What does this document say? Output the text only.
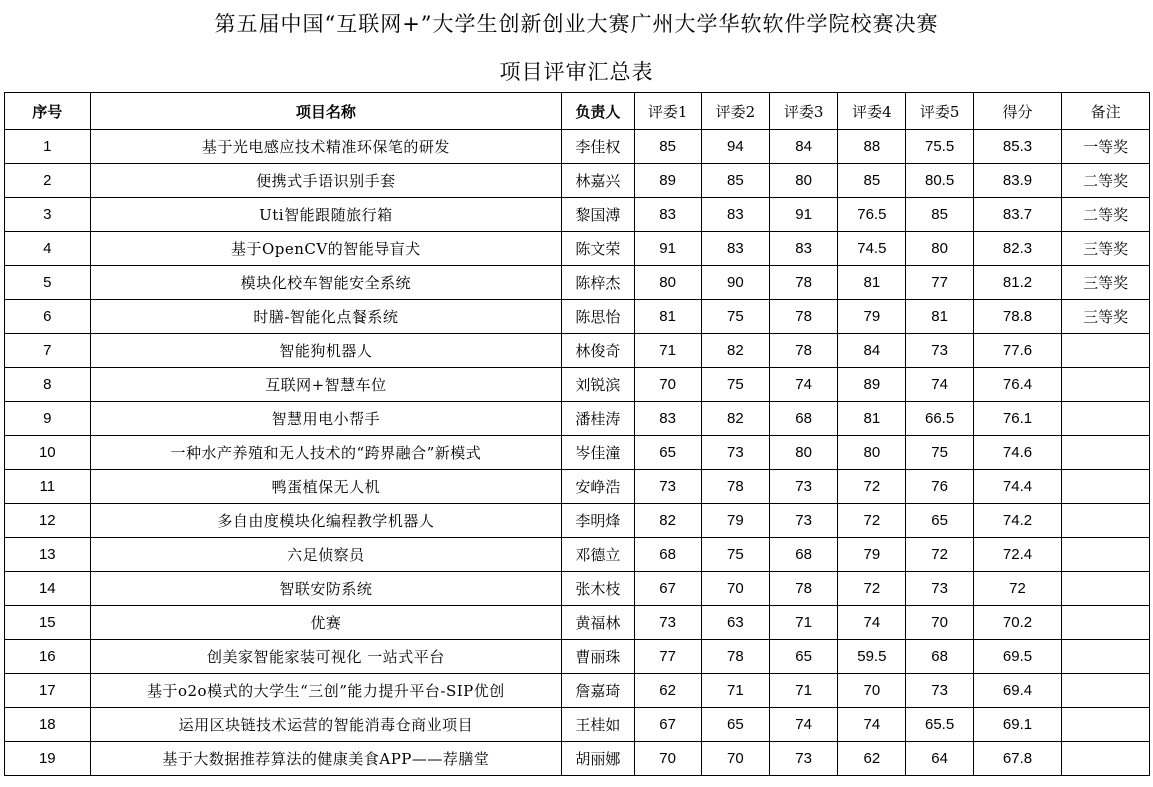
第五届中国“互联网+”大学生创新创业大赛广州大学华软软件学院校赛决赛
项目评审汇总表
序号	项目名称	负责人	评委1	评委2	评委3	评委4	评委5	得分	备注
1	基于光电感应技术精准环保笔的研发	李佳权	85	94	84	88	75.5	85.3	一等奖
2	便携式手语识别手套	林嘉兴	89	85	80	85	80.5	83.9	二等奖
3	Uti智能跟随旅行箱	黎国溥	83	83	91	76.5	85	83.7	二等奖
4	基于OpenCV的智能导盲犬	陈文荣	91	83	83	74.5	80	82.3	三等奖
5	模块化校车智能安全系统	陈梓杰	80	90	78	81	77	81.2	三等奖
6	时膳-智能化点餐系统	陈思怡	81	75	78	79	81	78.8	三等奖
7	智能狗机器人	林俊奇	71	82	78	84	73	77.6	
8	互联网+智慧车位	刘锐滨	70	75	74	89	74	76.4	
9	智慧用电小帮手	潘桂涛	83	82	68	81	66.5	76.1	
10	一种水产养殖和无人技术的“跨界融合”新模式	岑佳潼	65	73	80	80	75	74.6	
11	鸭蛋植保无人机	安峥浩	73	78	73	72	76	74.4	
12	多自由度模块化编程教学机器人	李明烽	82	79	73	72	65	74.2	
13	六足侦察员	邓德立	68	75	68	79	72	72.4	
14	智联安防系统	张木枝	67	70	78	72	73	72	
15	优赛	黄福林	73	63	71	74	70	70.2	
16	创美家智能家装可视化 一站式平台	曹丽珠	77	78	65	59.5	68	69.5	
17	基于o2o模式的大学生“三创”能力提升平台-SIP优创	詹嘉琦	62	71	71	70	73	69.4	
18	运用区块链技术运营的智能消毒仓商业项目	王桂如	67	65	74	74	65.5	69.1	
19	基于大数据推荐算法的健康美食APP——荐膳堂	胡丽娜	70	70	73	62	64	67.8	
